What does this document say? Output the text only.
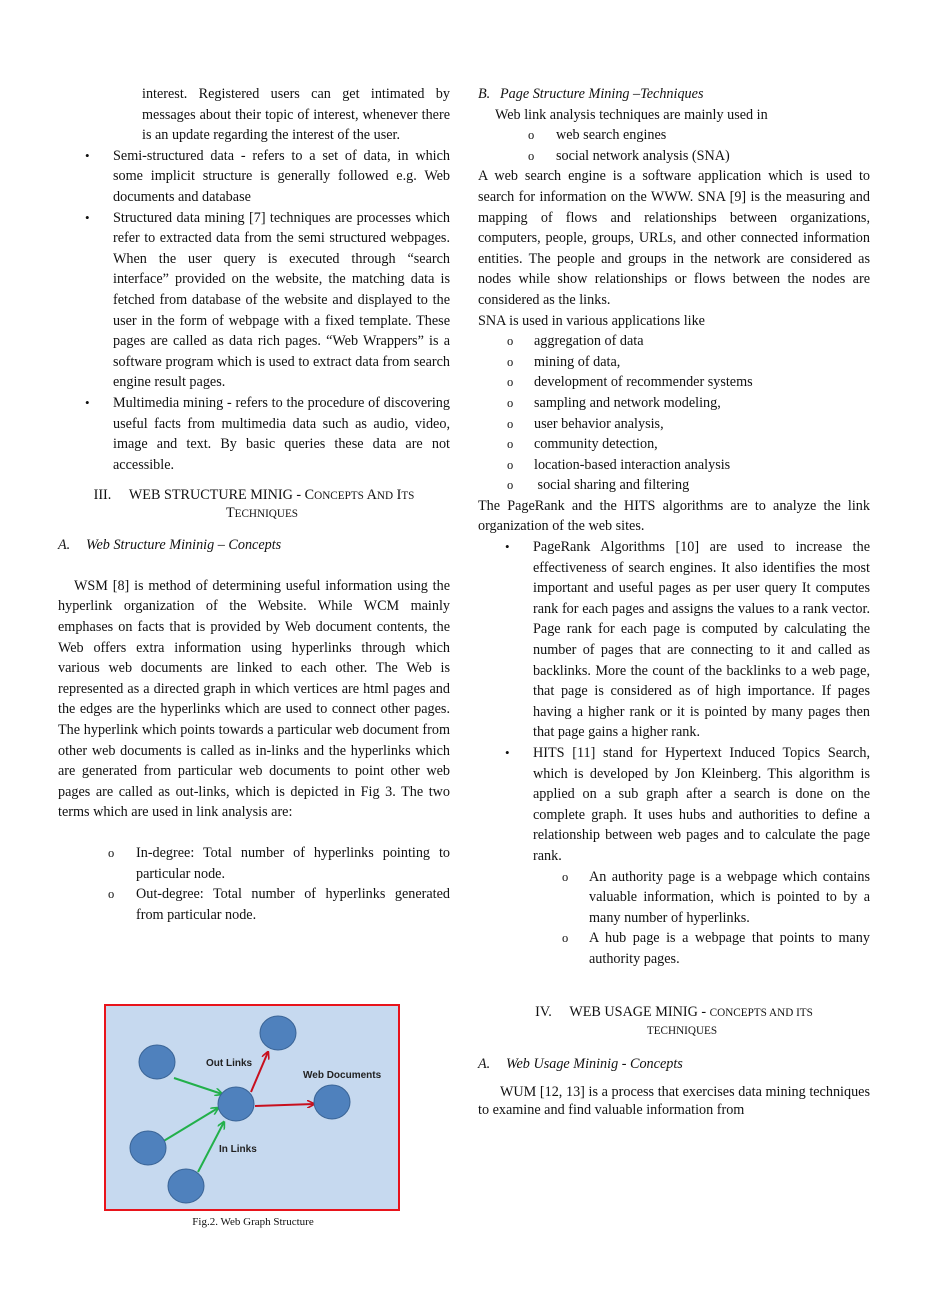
interest. Registered users can get intimated by messages about their topic of interest, whenever there is an update regarding the interest of the user.

• Semi-structured data - refers to a set of data, in which some implicit structure is generally followed e.g. Web documents and database
• Structured data mining [7] techniques are processes which refer to extracted data from the semi structured webpages. When the user query is executed through “search interface” provided on the website, the matching data is fetched from database of the website and displayed to the user in the form of webpage with a fixed template. These pages are called as data rich pages. “Web Wrappers” is a software program which is used to extract data from search engine result pages.
• Multimedia mining - refers to the procedure of discovering useful facts from multimedia data such as audio, video, image and text. By basic queries these data are not accessible.
III. WEB STRUCTURE MINIG - CONCEPTS AND ITS
TECHNIQUES
A. Web Structure Mininig – Concepts

WSM [8] is method of determining useful information using the hyperlink organization of the Website. While WCM mainly emphases on facts that is provided by Web document contents, the Web offers extra information using hyperlinks through which various web documents are linked to each other. The Web is represented as a directed graph in which vertices are html pages and the edges are the hyperlinks which are used to connect other pages. The hyperlink which points towards a particular web document from other web documents is called as in-links and the hyperlinks which are generated from particular web documents to point other web pages are called as out-links, which is depicted in Fig 3. The two terms which are used in link analysis are:

o In-degree: Total number of hyperlinks pointing to particular node.
o Out-degree: Total number of hyperlinks generated from particular node.
Out Links
Web Documents
In Links
Fig.2. Web Graph Structure
B. Page Structure Mining –Techniques

Web link analysis techniques are mainly used in

o web search engines
o social network analysis (SNA)

A web search engine is a software application which is used to search for information on the WWW. SNA [9] is the measuring and mapping of flows and relationships between organizations, computers, people, groups, URLs, and other connected information entities. The people and groups in the network are considered as nodes while show relationships or flows between the nodes are considered as the links.

SNA is used in various applications like

o aggregation of data
o mining of data,
o development of recommender systems
o sampling and network modeling,
o user behavior analysis,
o community detection,
o location-based interaction analysis
o social sharing and filtering

The PageRank and the HITS algorithms are to analyze the link organization of the web sites.

• PageRank Algorithms [10] are used to increase the effectiveness of search engines. It also identifies the most important and useful pages as per user query It computes rank for each pages and assigns the values to a rank vector. Page rank for each page is computed by calculating the number of pages that are connecting to it and called as backlinks. More the count of the backlinks to a web page, that page is considered as of high importance. If pages having a higher rank or it is pointed by many pages then that page gains a higher rank.
• HITS [11] stand for Hypertext Induced Topics Search, which is developed by Jon Kleinberg. This algorithm is applied on a sub graph after a search is done on the complete graph. It uses hubs and authorities to define a relationship between web pages and to calculate the page rank.
o An authority page is a webpage which contains valuable information, which is pointed to by a many number of hyperlinks.
o A hub page is a webpage that points to many authority pages.
IV. WEB USAGE MINIG - CONCEPTS AND ITS
TECHNIQUES
A. Web Usage Mininig - Concepts

WUM [12, 13] is a process that exercises data mining techniques to examine and find valuable information from
